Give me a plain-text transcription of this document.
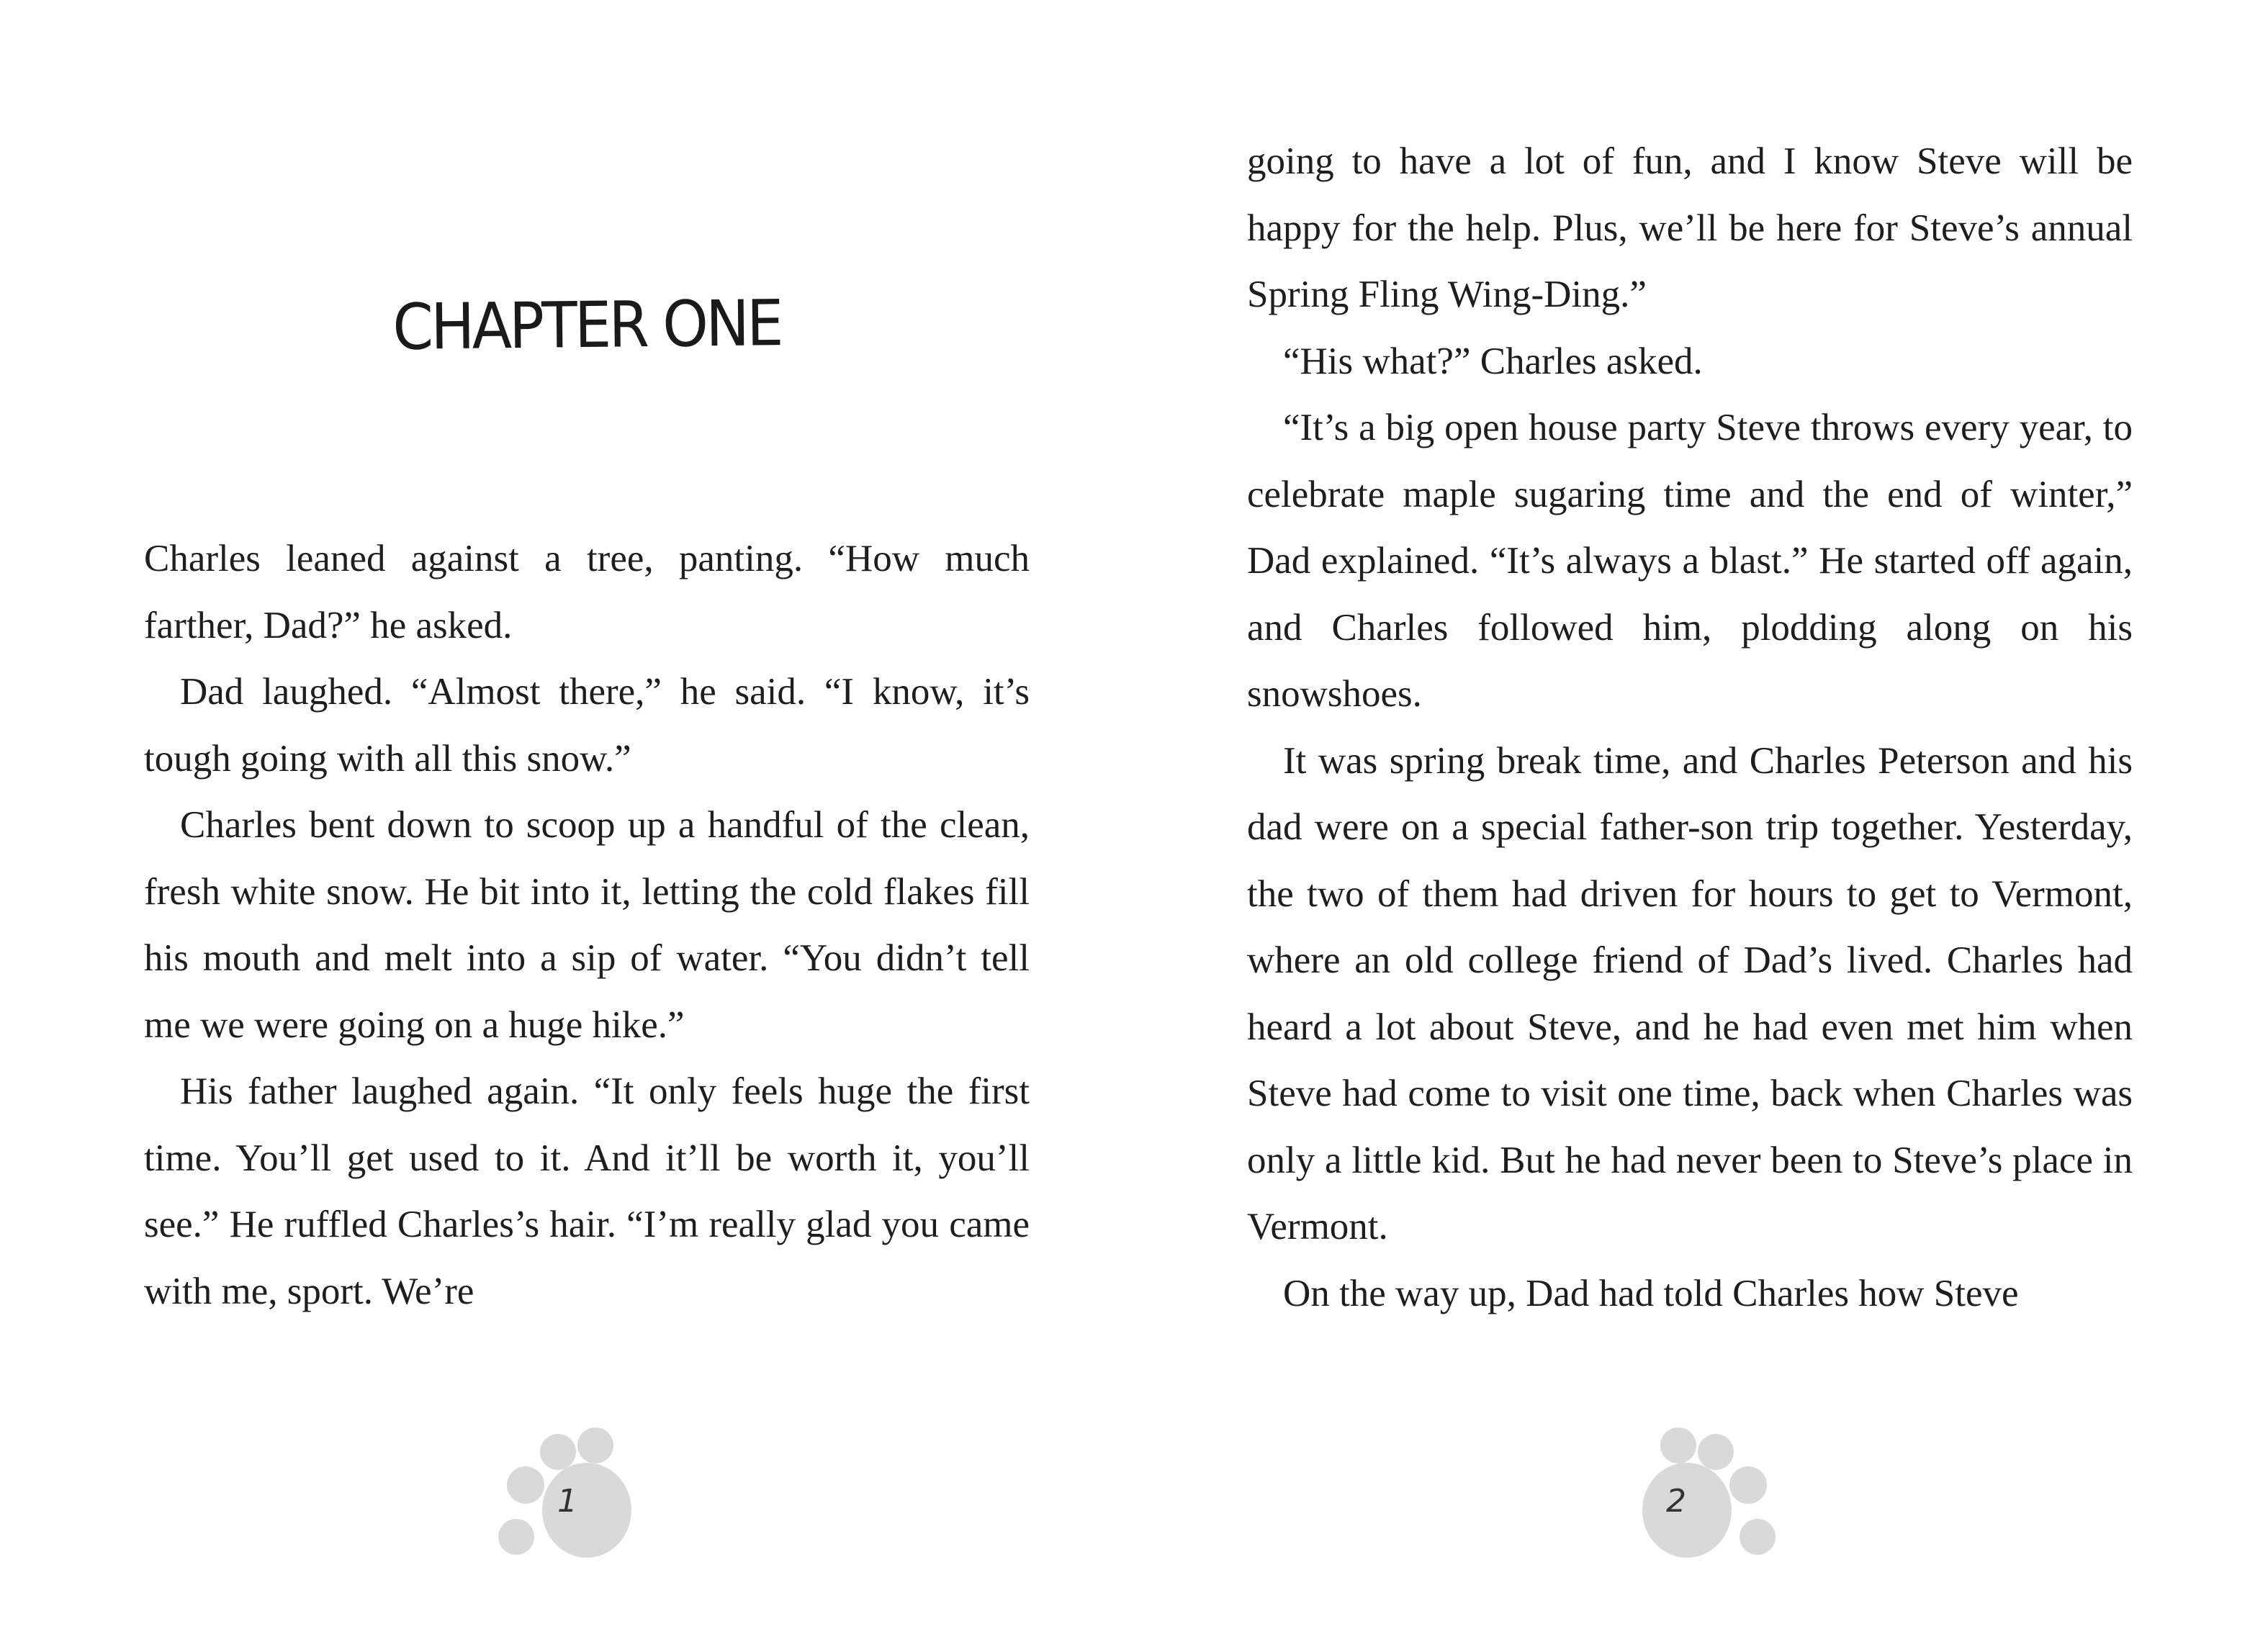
CHAPTER ONE

Charles leaned against a tree, panting. “How much farther, Dad?” he asked.

Dad laughed. “Almost there,” he said. “I know, it’s tough going with all this snow.”

Charles bent down to scoop up a handful of the clean, fresh white snow. He bit into it, letting the cold flakes fill his mouth and melt into a sip of water. “You didn’t tell me we were going on a huge hike.”

His father laughed again. “It only feels huge the first time. You’ll get used to it. And it’ll be worth it, you’ll see.” He ruffled Charles’s hair. “I’m really glad you came with me, sport. We’re

1

going to have a lot of fun, and I know Steve will be happy for the help. Plus, we’ll be here for Steve’s annual Spring Fling Wing-Ding.”

“His what?” Charles asked.

“It’s a big open house party Steve throws every year, to celebrate maple sugaring time and the end of winter,” Dad explained. “It’s always a blast.” He started off again, and Charles followed him, plodding along on his snowshoes.

It was spring break time, and Charles Peterson and his dad were on a special father-son trip together. Yesterday, the two of them had driven for hours to get to Vermont, where an old college friend of Dad’s lived. Charles had heard a lot about Steve, and he had even met him when Steve had come to visit one time, back when Charles was only a little kid. But he had never been to Steve’s place in Vermont.

On the way up, Dad had told Charles how Steve

2
